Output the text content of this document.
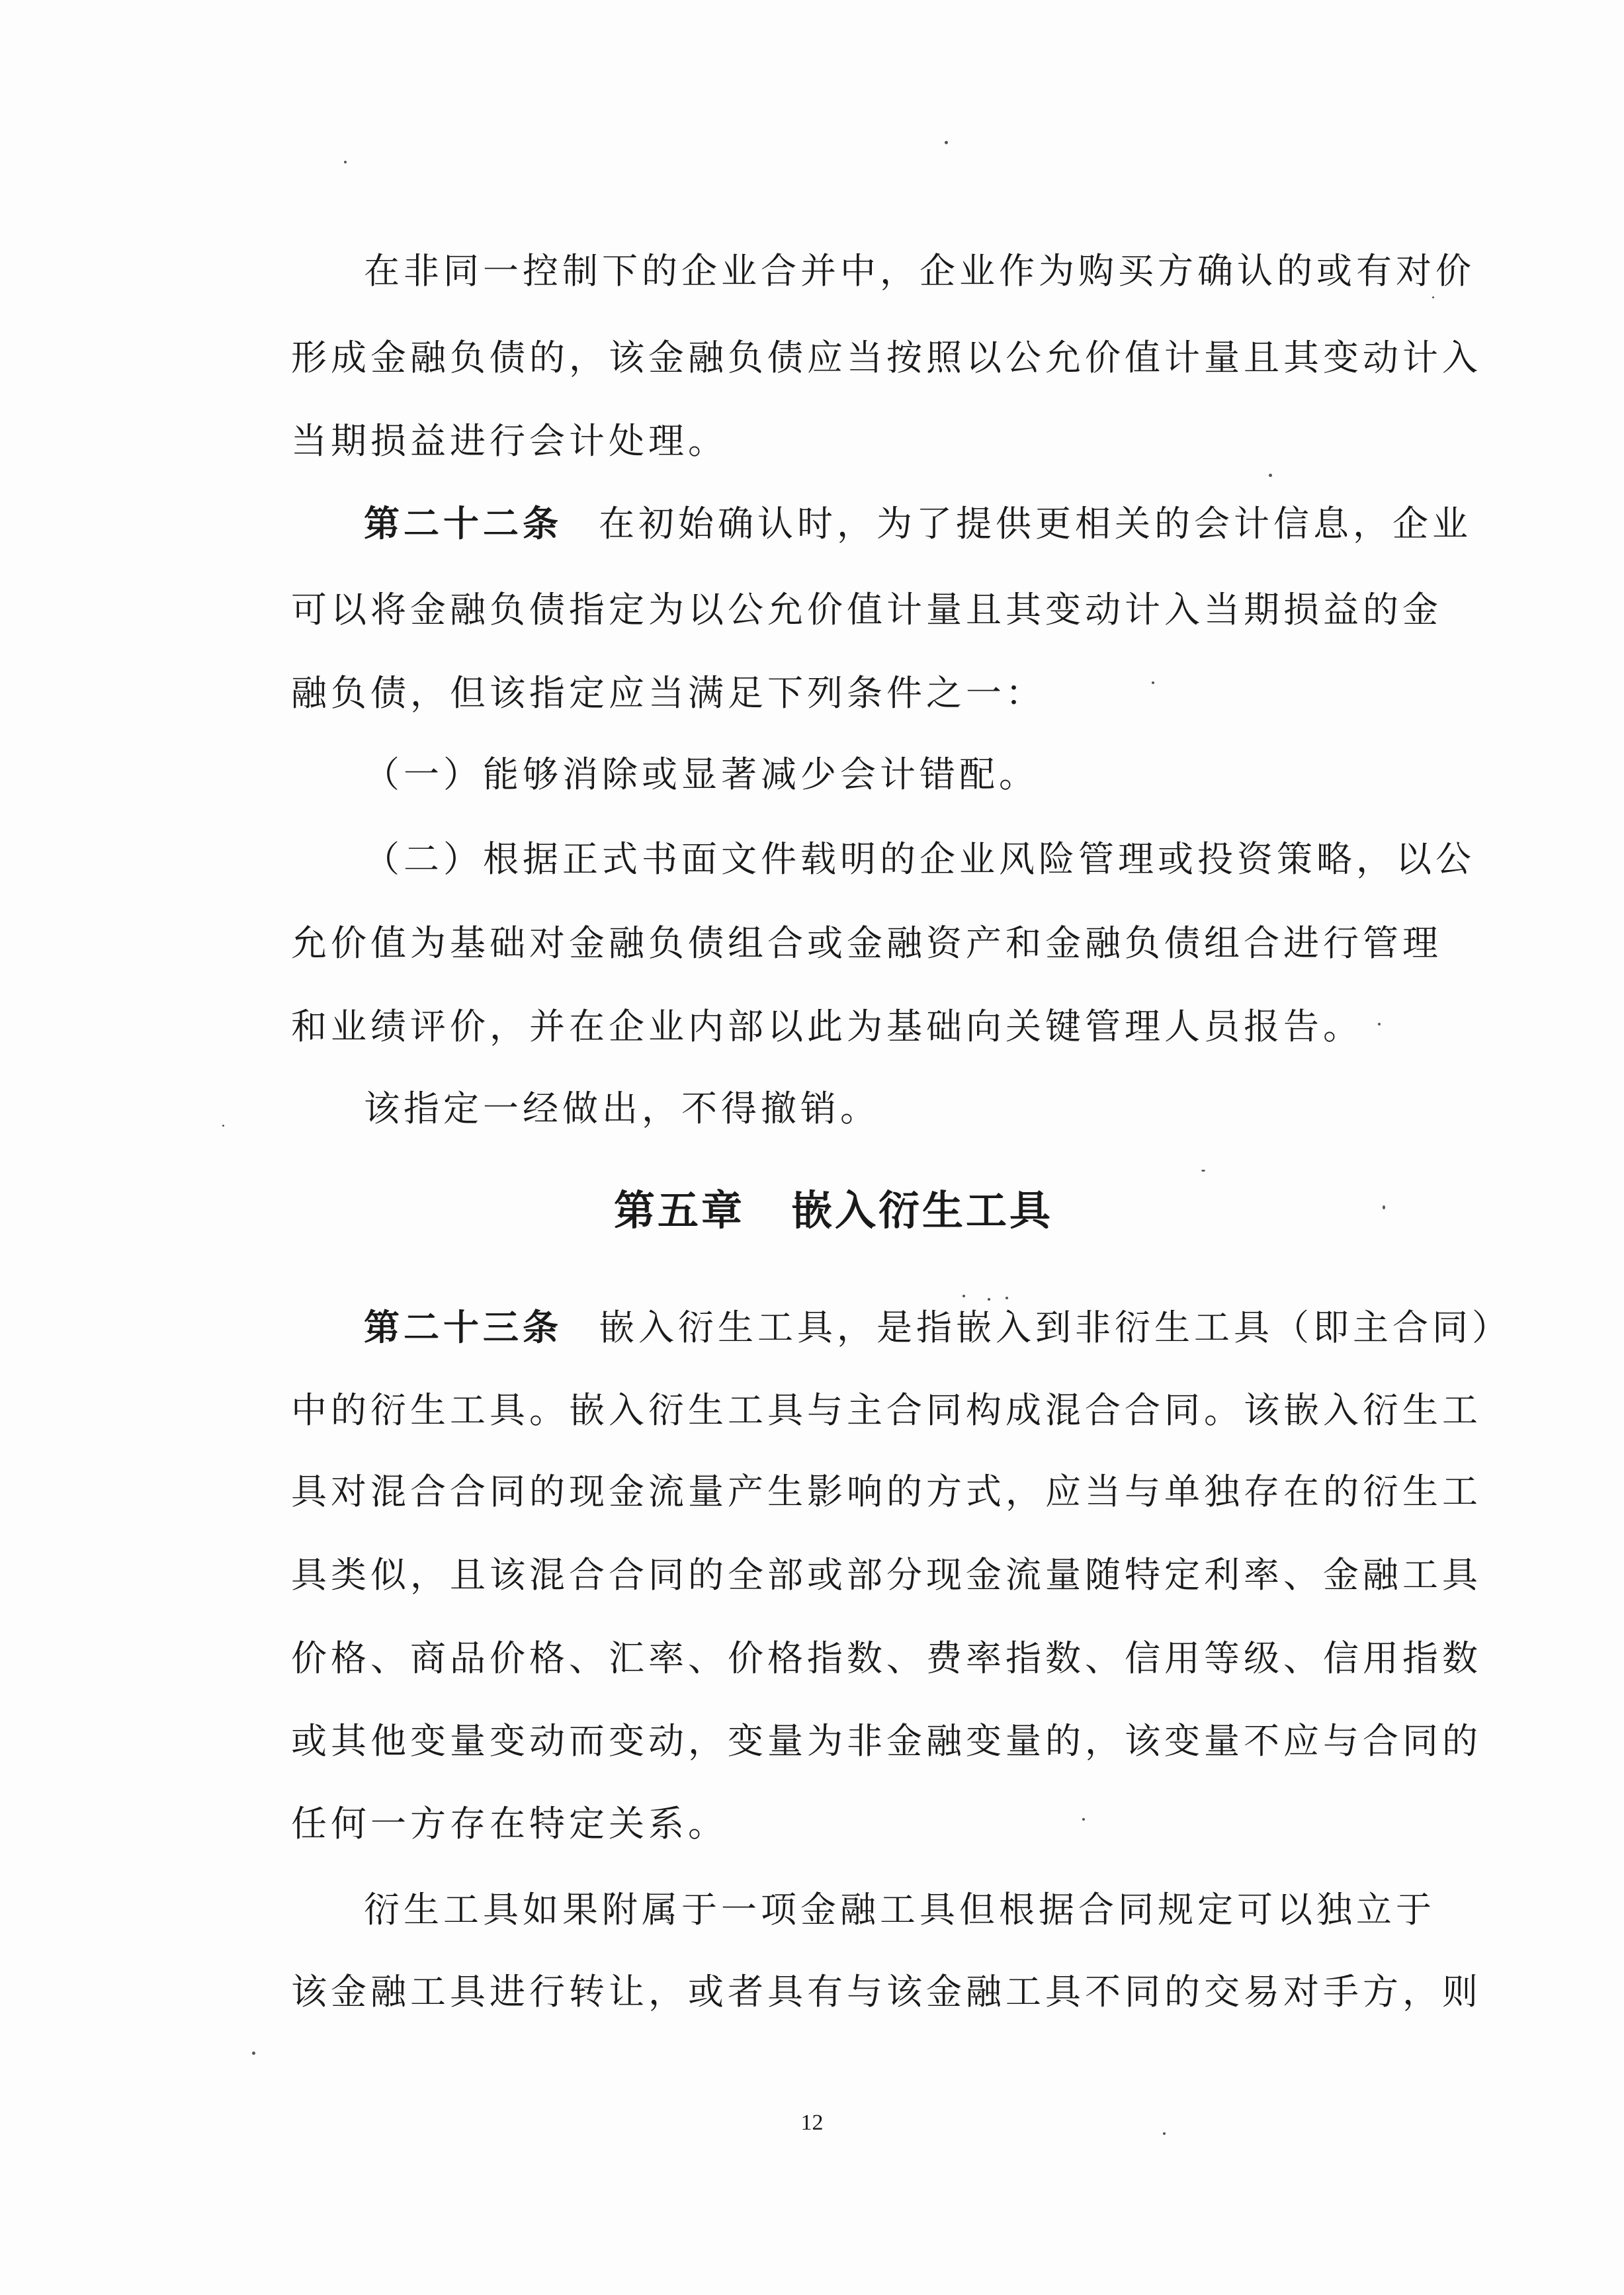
在非同一控制下的企业合并中，企业作为购买方确认的或有对价
形成金融负债的，该金融负债应当按照以公允价值计量且其变动计入
当期损益进行会计处理。
第二十二条 在初始确认时，为了提供更相关的会计信息，企业
可以将金融负债指定为以公允价值计量且其变动计入当期损益的金
融负债，但该指定应当满足下列条件之一：
（一）能够消除或显著减少会计错配。
（二）根据正式书面文件载明的企业风险管理或投资策略，以公
允价值为基础对金融负债组合或金融资产和金融负债组合进行管理
和业绩评价，并在企业内部以此为基础向关键管理人员报告。
该指定一经做出，不得撤销。
第五章 嵌入衍生工具
第二十三条 嵌入衍生工具，是指嵌入到非衍生工具（即主合同）
中的衍生工具。嵌入衍生工具与主合同构成混合合同。该嵌入衍生工
具对混合合同的现金流量产生影响的方式，应当与单独存在的衍生工
具类似，且该混合合同的全部或部分现金流量随特定利率、金融工具
价格、商品价格、汇率、价格指数、费率指数、信用等级、信用指数
或其他变量变动而变动，变量为非金融变量的，该变量不应与合同的
任何一方存在特定关系。
衍生工具如果附属于一项金融工具但根据合同规定可以独立于
该金融工具进行转让，或者具有与该金融工具不同的交易对手方，则
12
